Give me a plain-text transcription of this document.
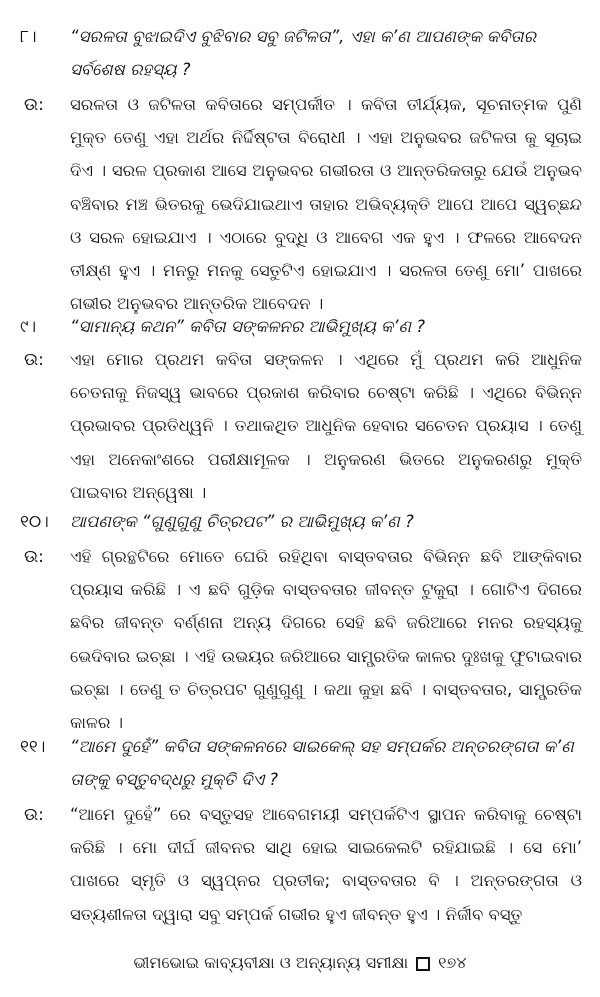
୮। “ସରଳତା ବୁଝାଇଦିଏ ବୁଝିବାର ସବୁ ଜଟିଳତା”, ଏହା କ’ଣ ଆପଣଙ୍କ କବିତାର ସର୍ବଶେଷ ରହସ୍ୟ ?
ଉ: ସରଳତା ଓ ଜଟିଳତା କବିତାରେ ସମ୍ପର୍କୀତ । କବିତା ତୀର୍ଯ୍ୟକ, ସୂଚନାତ୍ମକ ପୁଣି ମୁକ୍ତ ତେଣୁ ଏହା ଅର୍ଥର ନିର୍ଦ୍ଦିଷ୍ଟତା ବିରୋଧୀ । ଏହା ଅନୁଭବର ଜଟିଳତା କୁ ସୂଚାଇ ଦିଏ । ସରଳ ପ୍ରକାଶ ଆସେ ଅନୁଭବର ଗଭୀରତା ଓ ଆନ୍ତରିକତାରୁ ଯେଉଁ ଅନୁଭବ ବଞ୍ଚିବାର ମଞ୍ଚ ଭିତରକୁ ଭେଦିଯାଇଥାଏ ତାହାର ଅଭିବ୍ୟକ୍ତି ଆପେ ଆପେ ସ୍ୱଚ୍ଛନ୍ଦ ଓ ସରଳ ହୋଇଯାଏ । ଏଠାରେ ବୁଦ୍ଧି ଓ ଆବେଗ ଏକ ହୁଏ । ଫଳରେ ଆବେଦନ ତୀକ୍ଷ୍ଣ ହୁଏ । ମନରୁ ମନକୁ ସେତୁଟିଏ ହୋଇଯାଏ । ସରଳତା ତେଣୁ ମୋ’ ପାଖରେ ଗଭୀର ଅନୁଭବର ଆନ୍ତରିକ ଆବେଦନ ।
୯। “ସାମାନ୍ୟ କଥନ” କବିତା ସଙ୍କଳନର ଆଭିମୁଖ୍ୟ କ’ଣ ?
ଉ: ଏହା ମୋର ପ୍ରଥମ କବିତା ସଙ୍କଳନ । ଏଥିରେ ମୁଁ ପ୍ରଥମ କରି ଆଧୁନିକ ଚେତନାକୁ ନିଜସ୍ୱ ଭାବରେ ପ୍ରକାଶ କରିବାର ଚେଷ୍ଟା କରିଛି । ଏଥିରେ ବିଭିନ୍ନ ପ୍ରଭାବର ପ୍ରତିଧ୍ୱନି । ତଥାକଥିତ ଆଧୁନିକ ହେବାର ସଚେତନ ପ୍ରୟାସ । ତେଣୁ ଏହା ଅନେକାଂଶରେ ପରୀକ୍ଷାମୂଳକ । ଅନୁକରଣ ଭିତରେ ଅନୁକରଣରୁ ମୁକ୍ତି ପାଇବାର ଅନ୍ୱେଷା ।
୧୦। ଆପଣଙ୍କ “ଗୁଣୁଗୁଣୁ ଚିତ୍ରପଟ” ର ଆଭିମୁଖ୍ୟ କ’ଣ ?
ଉ: ଏହି ଗ୍ରନ୍ଥଟିରେ ମୋତେ ଘେରି ରହିଥିବା ବାସ୍ତବତାର ବିଭିନ୍ନ ଛବି ଆଙ୍କିବାର ପ୍ରୟାସ କରିଛି । ଏ ଛବି ଗୁଡ଼ିକ ବାସ୍ତବତାର ଜୀବନ୍ତ ଟୁକୁରା । ଗୋଟିଏ ଦିଗରେ ଛବିର ଜୀବନ୍ତ ବର୍ଣ୍ଣନା ଅନ୍ୟ ଦିଗରେ ସେହି ଛବି ଜରିଆରେ ମନର ରହସ୍ୟକୁ ଭେଦିବାର ଇଚ୍ଛା । ଏହି ଉଭୟର ଜରିଆରେ ସାମ୍ପ୍ରତିକ କାଳର ଦୁଃଖକୁ ଫୁଟାଇବାର ଇଚ୍ଛା । ତେଣୁ ତ ଚିତ୍ରପଟ ଗୁଣୁଗୁଣୁ । କଥା କୁହା ଛବି । ବାସ୍ତବତାର, ସାମ୍ପ୍ରତିକ କାଳର ।
୧୧। “ଆମେ ଦୁହେଁ” କବିତା ସଙ୍କଳନରେ ସାଇକେଲ୍ ସହ ସମ୍ପର୍କର ଅନ୍ତରଙ୍ଗତା କ’ଣ ତାଙ୍କୁ ବସ୍ତୁବଦ୍ଧରୁ ମୁକ୍ତି ଦିଏ ?
ଉ: “ଆମେ ଦୁହେଁ” ରେ ବସ୍ତୁସହ ଆବେଗମୟୀ ସମ୍ପର୍କଟିଏ ସ୍ଥାପନ କରିବାକୁ ଚେଷ୍ଟା କରିଛି । ମୋ ଦୀର୍ଘ ଜୀବନର ସାଥି ହୋଇ ସାଇକେଲଟି ରହିଯାଇଛି । ସେ ମୋ’ ପାଖରେ ସ୍ମୃତି ଓ ସ୍ୱପ୍ନର ପ୍ରତୀକ; ବାସ୍ତବତାର ବି । ଅନ୍ତରଙ୍ଗତା ଓ ସତ୍ୟଶୀଳତା ଦ୍ୱାରା ସବୁ ସମ୍ପର୍କ ଗଭୀର ହୁଏ ଜୀବନ୍ତ ହୁଏ । ନିର୍ଜୀବ ବସ୍ତୁ
ଭୀମଭୋଇ କାବ୍ୟବୀକ୍ଷା ଓ ଅନ୍ୟାନ୍ୟ ସମୀକ୍ଷା ୧୭୪
